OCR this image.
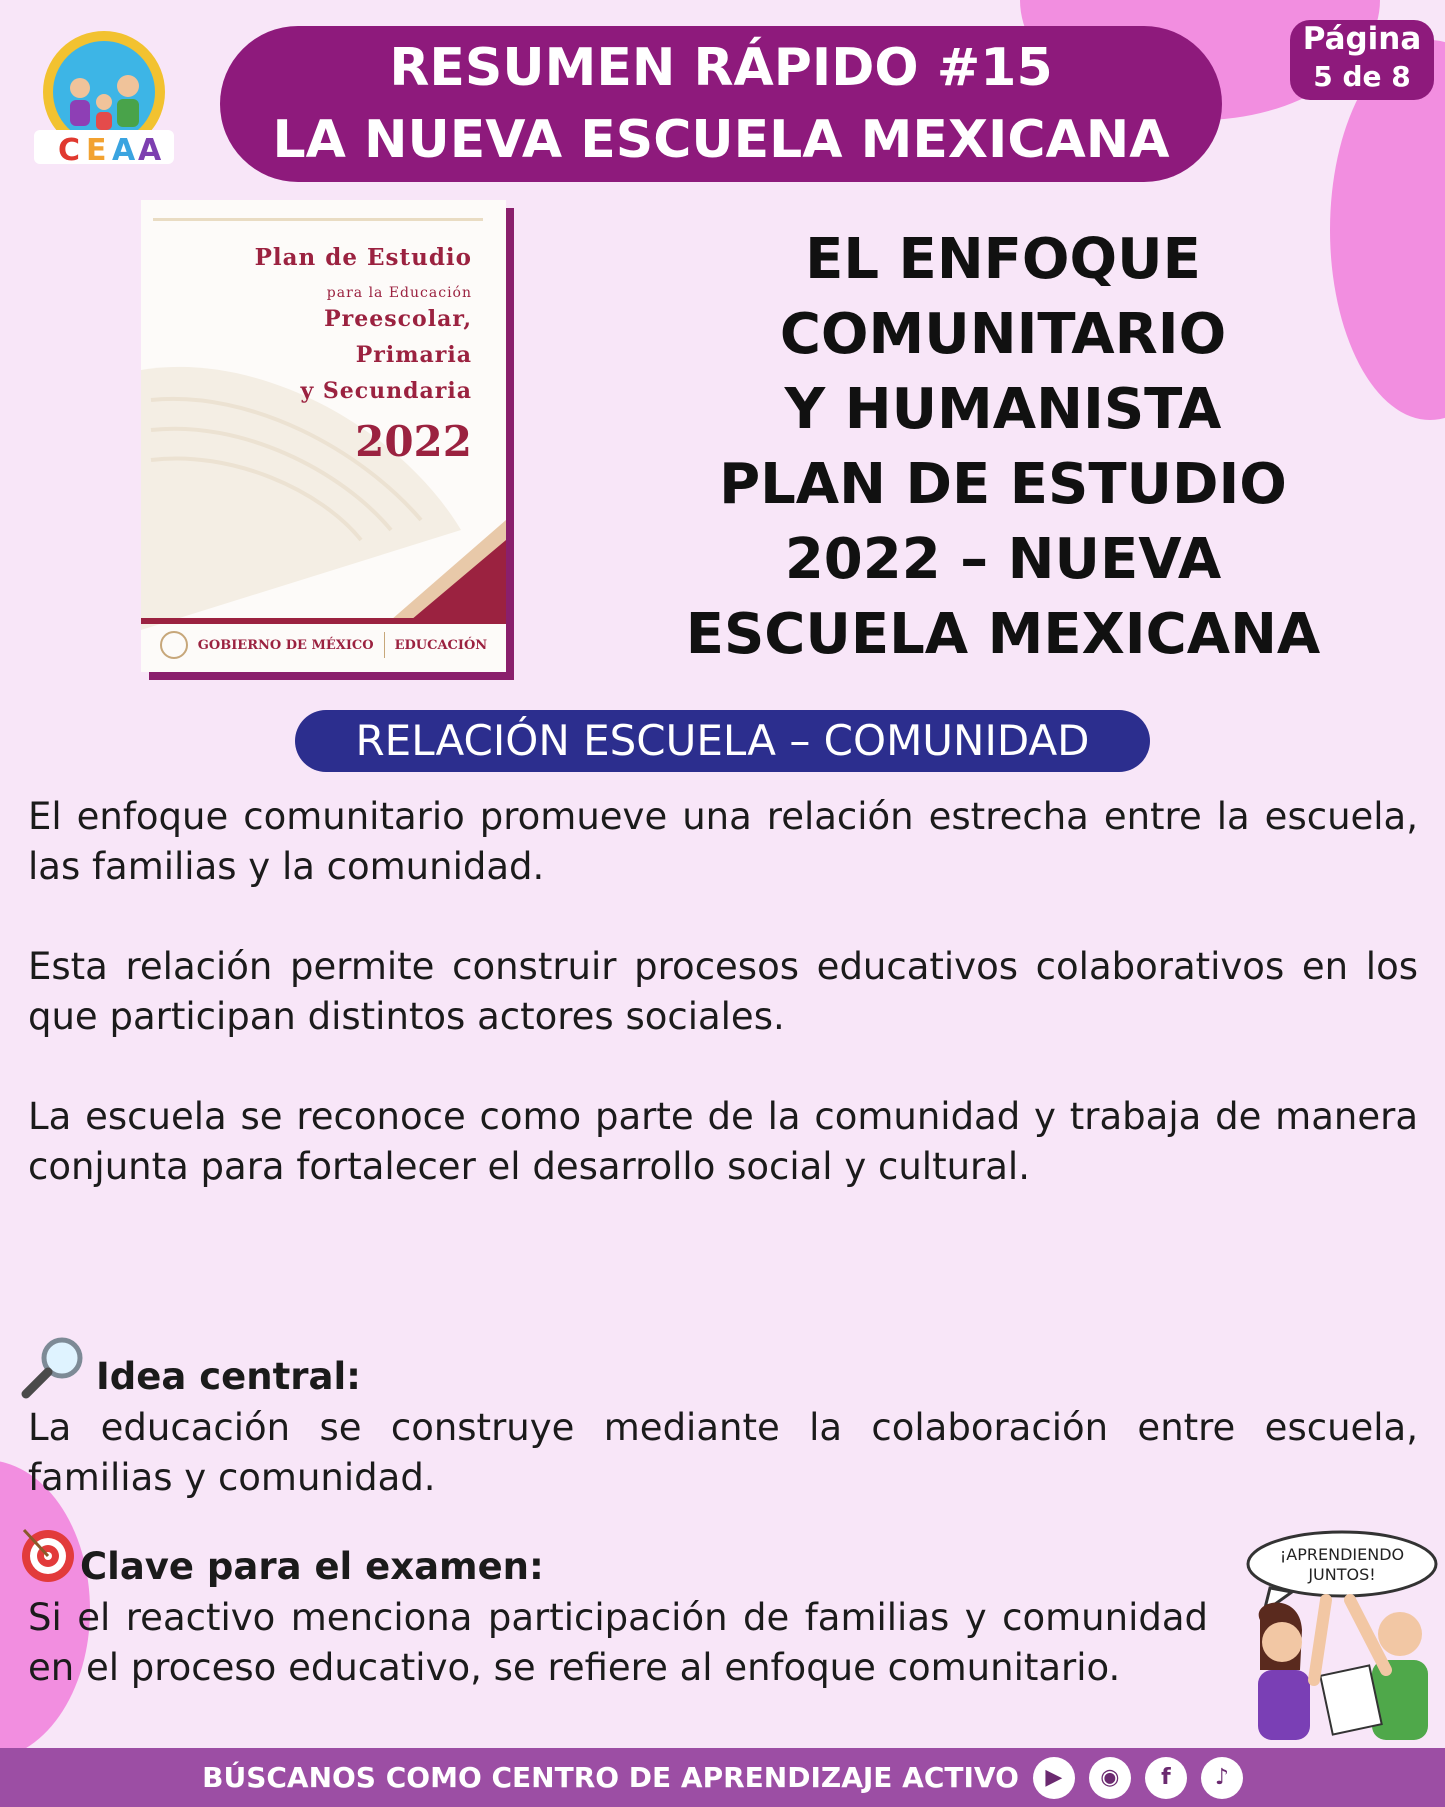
C E A A
RESUMEN RÁPIDO #15
LA NUEVA ESCUELA MEXICANA
Página
5 de 8
Plan de Estudio
para la Educación
Preescolar,
Primaria
y Secundaria
2022
GOBIERNO DE MÉXICO EDUCACIÓN
EL ENFOQUE
COMUNITARIO
Y HUMANISTA
PLAN DE ESTUDIO
2022 – NUEVA
ESCUELA MEXICANA
RELACIÓN ESCUELA – COMUNIDAD
El enfoque comunitario promueve una relación estrecha entre la escuela, las familias y la comunidad.
Esta relación permite construir procesos educativos colaborativos en los que participan distintos actores sociales.
La escuela se reconoce como parte de la comunidad y trabaja de manera conjunta para fortalecer el desarrollo social y cultural.
Idea central:
La educación se construye mediante la colaboración entre escuela, familias y comunidad.
Clave para el examen:
Si el reactivo menciona participación de familias y comunidad en el proceso educativo, se refiere al enfoque comunitario.
¡APRENDIENDO
JUNTOS!
BÚSCANOS COMO CENTRO DE APRENDIZAJE ACTIVO	▶	◉	f	♪
